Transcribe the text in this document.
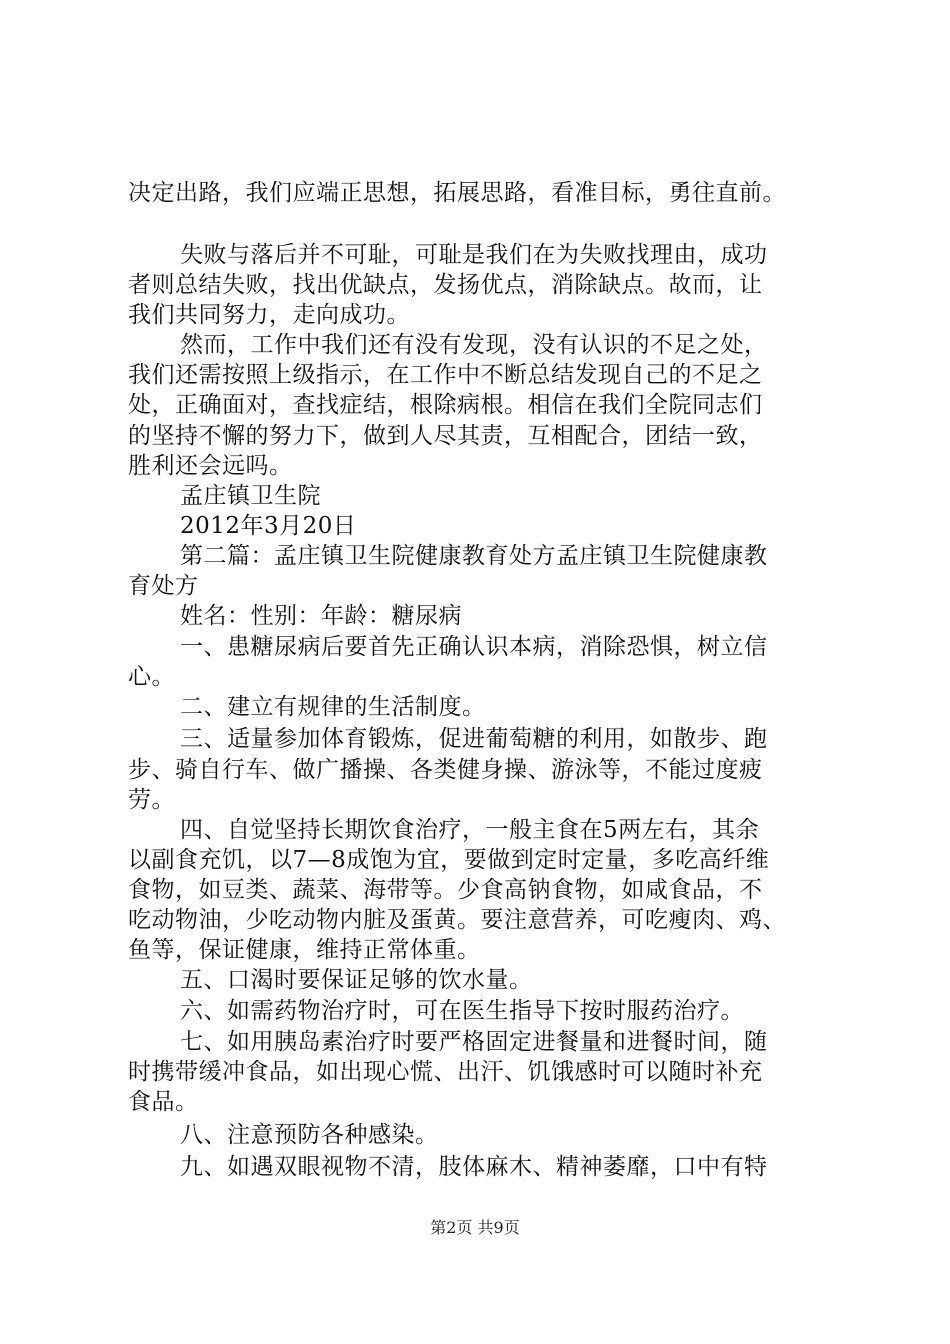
决定出路，我们应端正思想，拓展思路，看准目标，勇往直前。
失败与落后并不可耻，可耻是我们在为失败找理由，成功
者则总结失败，找出优缺点，发扬优点，消除缺点。故而，让
我们共同努力，走向成功。
然而，工作中我们还有没有发现，没有认识的不足之处，
我们还需按照上级指示，在工作中不断总结发现自己的不足之
处，正确面对，查找症结，根除病根。相信在我们全院同志们
的坚持不懈的努力下，做到人尽其责，互相配合，团结一致，
胜利还会远吗。
孟庄镇卫生院
2012年3月20日
第二篇：孟庄镇卫生院健康教育处方孟庄镇卫生院健康教
育处方
姓名：性别：年龄：糖尿病
一、患糖尿病后要首先正确认识本病，消除恐惧，树立信
心。
二、建立有规律的生活制度。
三、适量参加体育锻炼，促进葡萄糖的利用，如散步、跑
步、骑自行车、做广播操、各类健身操、游泳等，不能过度疲
劳。
四、自觉坚持长期饮食治疗，一般主食在5两左右，其余
以副食充饥，以7—8成饱为宜，要做到定时定量，多吃高纤维
食物，如豆类、蔬菜、海带等。少食高钠食物，如咸食品，不
吃动物油，少吃动物内脏及蛋黄。要注意营养，可吃瘦肉、鸡、
鱼等，保证健康，维持正常体重。
五、口渴时要保证足够的饮水量。
六、如需药物治疗时，可在医生指导下按时服药治疗。
七、如用胰岛素治疗时要严格固定进餐量和进餐时间，随
时携带缓冲食品，如出现心慌、出汗、饥饿感时可以随时补充
食品。
八、注意预防各种感染。
九、如遇双眼视物不清，肢体麻木、精神萎靡，口中有特
第2页 共9页
